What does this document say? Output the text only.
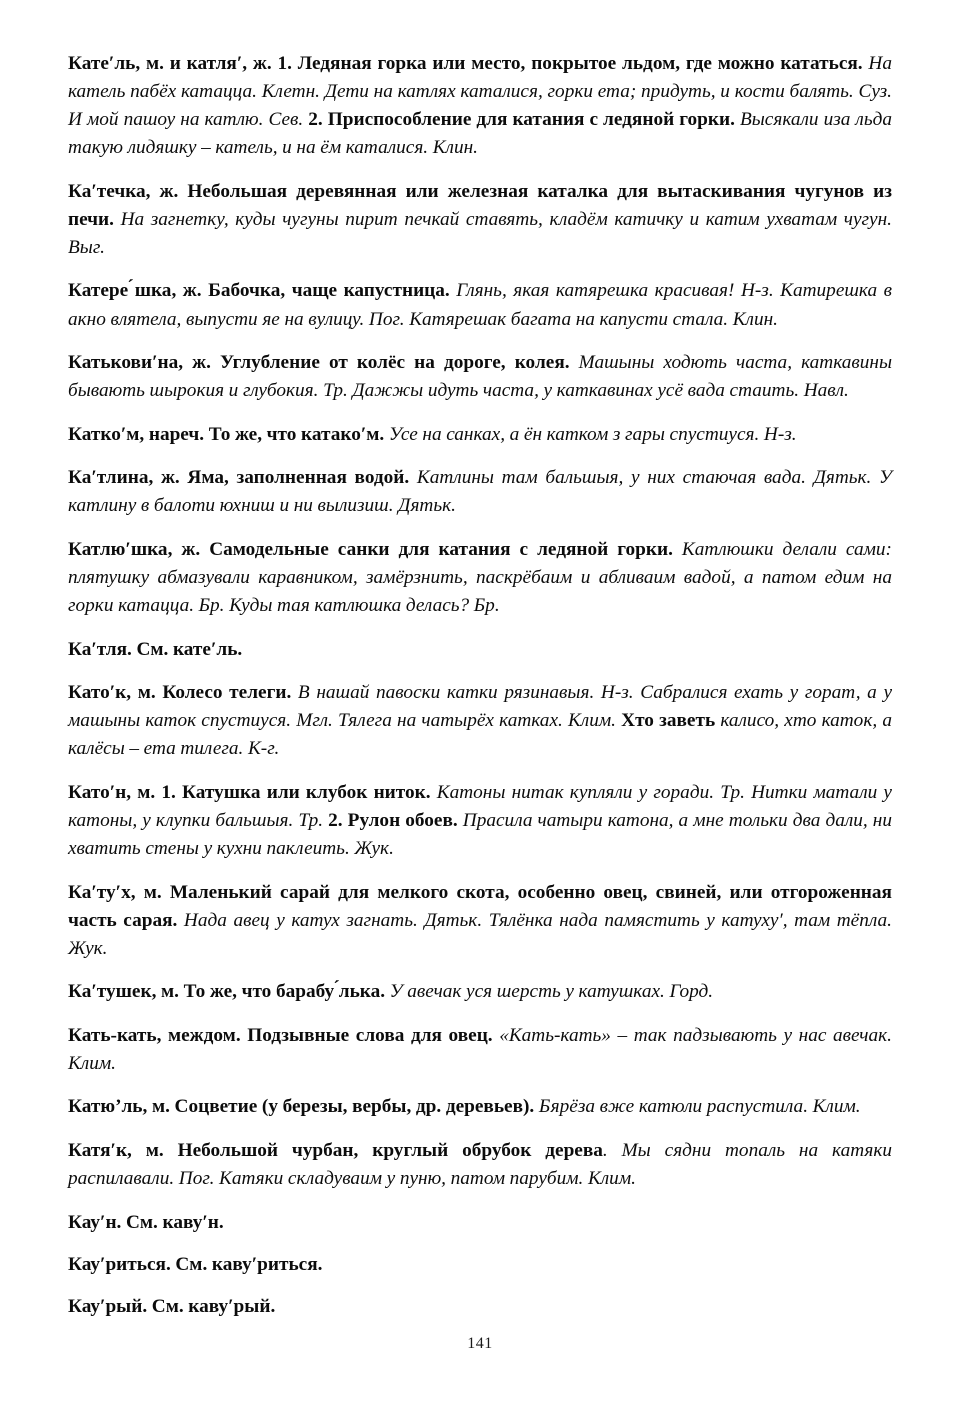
Кате′ль, м. и катля′, ж. 1. Ледяная горка или место, покрытое льдом, где можно кататься. На катель пабёх катацца. Клетн. Дети на катлях каталися, горки ета; придуть, и кости балять. Суз. И мой пашоу на катлю. Сев. 2. Приспособление для катания с ледяной горки. Высякали иза льда такую лидяшку – катель, и на ём каталися. Клин.

Ка′течка, ж. Небольшая деревянная или железная каталка для вытаскивания чугунов из печи. На загнетку, куды чугуны пирит печкай ставять, кладём катичку и катим ухватам чугун. Выг.

Катере ́шка, ж. Бабочка, чаще капустница. Глянь, якая катярешка красивая! Н-з. Катирешка в акно влятела, выпусти яе на вулицу. Пог. Катярешак багата на капусти стала. Клин.

Катькови′на, ж. Углубление от колёс на дороге, колея. Машыны ходють часта, каткавины бывають шырокия и глубокия. Тр. Дажжы идуть часта, у каткавинах усё вада стаить. Навл.

Катко′м, нареч. То же, что катако′м. Усе на санках, а ён катком з гары спустиуся. Н-з.

Ка′тлина, ж. Яма, заполненная водой. Катлины там бальшыя, у них стаючая вада. Дятьк. У катлину в балоти юхниш и ни вылизиш. Дятьк.

Катлю′шка, ж. Самодельные санки для катания с ледяной горки. Катлюшки делали сами: плятушку абмазували каравником, замёрзнить, паскрёбаим и абливаим вадой, а патом едим на горки катацца. Бр. Куды тая катлюшка делась? Бр.

Ка′тля. См. кате′ль.

Като′к, м. Колесо телеги. В нашай павоски катки рязинавыя. Н-з. Сабралися ехать у горат, а у машыны каток спустиуся. Мгл. Тялега на чатырёх катках. Клим. Хто заветь калисо, хто каток, а калёсы – ета тилега. К-г.

Като′н, м. 1. Катушка или клубок ниток. Катоны нитак купляли у горади. Тр. Нитки матали у катоны, у клупки бальшыя. Тр. 2. Рулон обоев. Прасила чатыри катона, а мне тольки два дали, ни хватить стены у кухни паклеить. Жук.

Ка′ту′х, м. Маленький сарай для мелкого скота, особенно овец, свиней, или отгороженная часть сарая. Нада авец у катух загнать. Дятьк. Тялёнка нада памястить у катуху′, там тёпла. Жук.

Ка′тушек, м. То же, что барабу ́лька. У авечак уся шерсть у катушках. Горд.

Кать-кать, междом. Подзывные слова для овец. «Кать-кать» – так падзывають у нас авечак. Клим.

Катю’ль, м. Соцветие (у березы, вербы, др. деревьев). Бярёза вже катюли распустила. Клим.

Катя′к, м. Небольшой чурбан, круглый обрубок дерева. Мы сядни топаль на катяки распилавали. Пог. Катяки складуваим у пуню, патом парубим. Клим.

Кау′н. См. каву′н.

Кау′риться. См. каву′риться.

Кау′рый. См. каву′рый.

141
